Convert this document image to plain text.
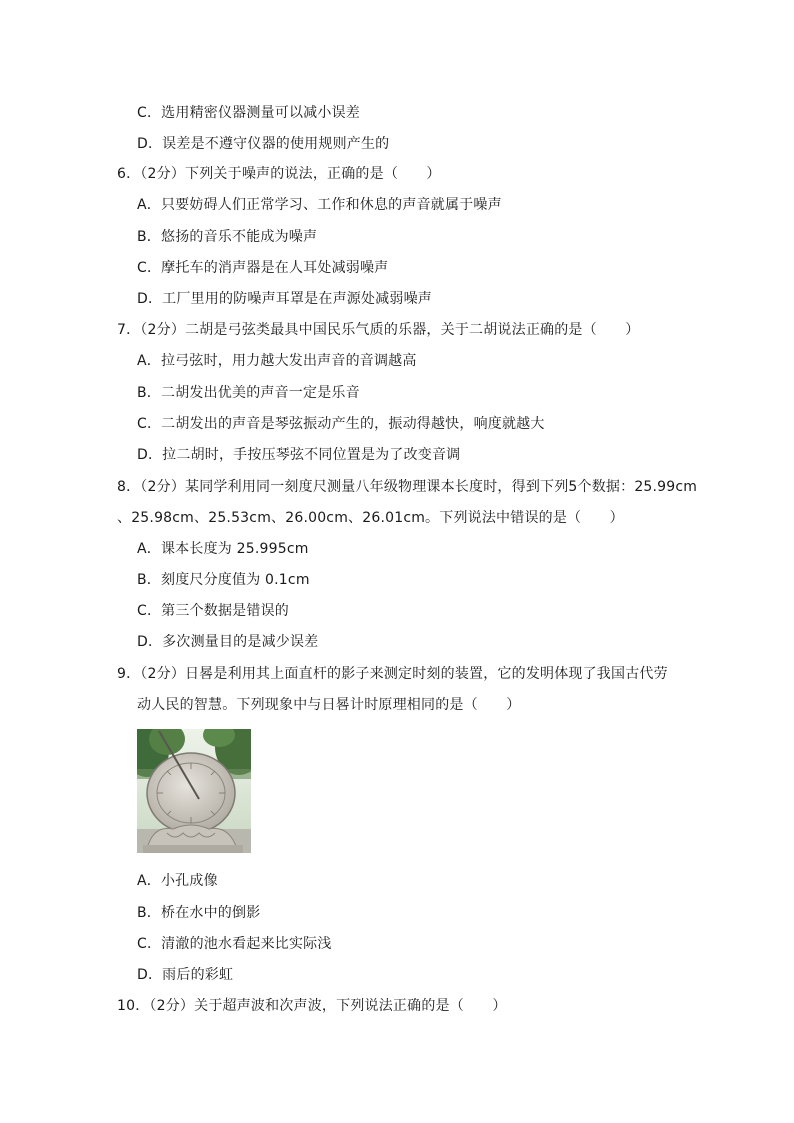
C．选用精密仪器测量可以减小误差
D．误差是不遵守仪器的使用规则产生的
6．（2分）下列关于噪声的说法，正确的是（　　）
A．只要妨碍人们正常学习、工作和休息的声音就属于噪声
B．悠扬的音乐不能成为噪声
C．摩托车的消声器是在人耳处减弱噪声
D．工厂里用的防噪声耳罩是在声源处减弱噪声
7．（2分）二胡是弓弦类最具中国民乐气质的乐器，关于二胡说法正确的是（　　）
A．拉弓弦时，用力越大发出声音的音调越高
B．二胡发出优美的声音一定是乐音
C．二胡发出的声音是琴弦振动产生的，振动得越快，响度就越大
D．拉二胡时，手按压琴弦不同位置是为了改变音调
8．（2分）某同学利用同一刻度尺测量八年级物理课本长度时，得到下列5个数据：25.99cm
、25.98cm、25.53cm、26.00cm、26.01cm。下列说法中错误的是（　　）
A．课本长度为 25.995cm
B．刻度尺分度值为 0.1cm
C．第三个数据是错误的
D．多次测量目的是减少误差
9．（2分）日晷是利用其上面直杆的影子来测定时刻的装置，它的发明体现了我国古代劳
动人民的智慧。下列现象中与日晷计时原理相同的是（　　）
A．小孔成像
B．桥在水中的倒影
C．清澈的池水看起来比实际浅
D．雨后的彩虹
10．（2分）关于超声波和次声波，下列说法正确的是（　　）
